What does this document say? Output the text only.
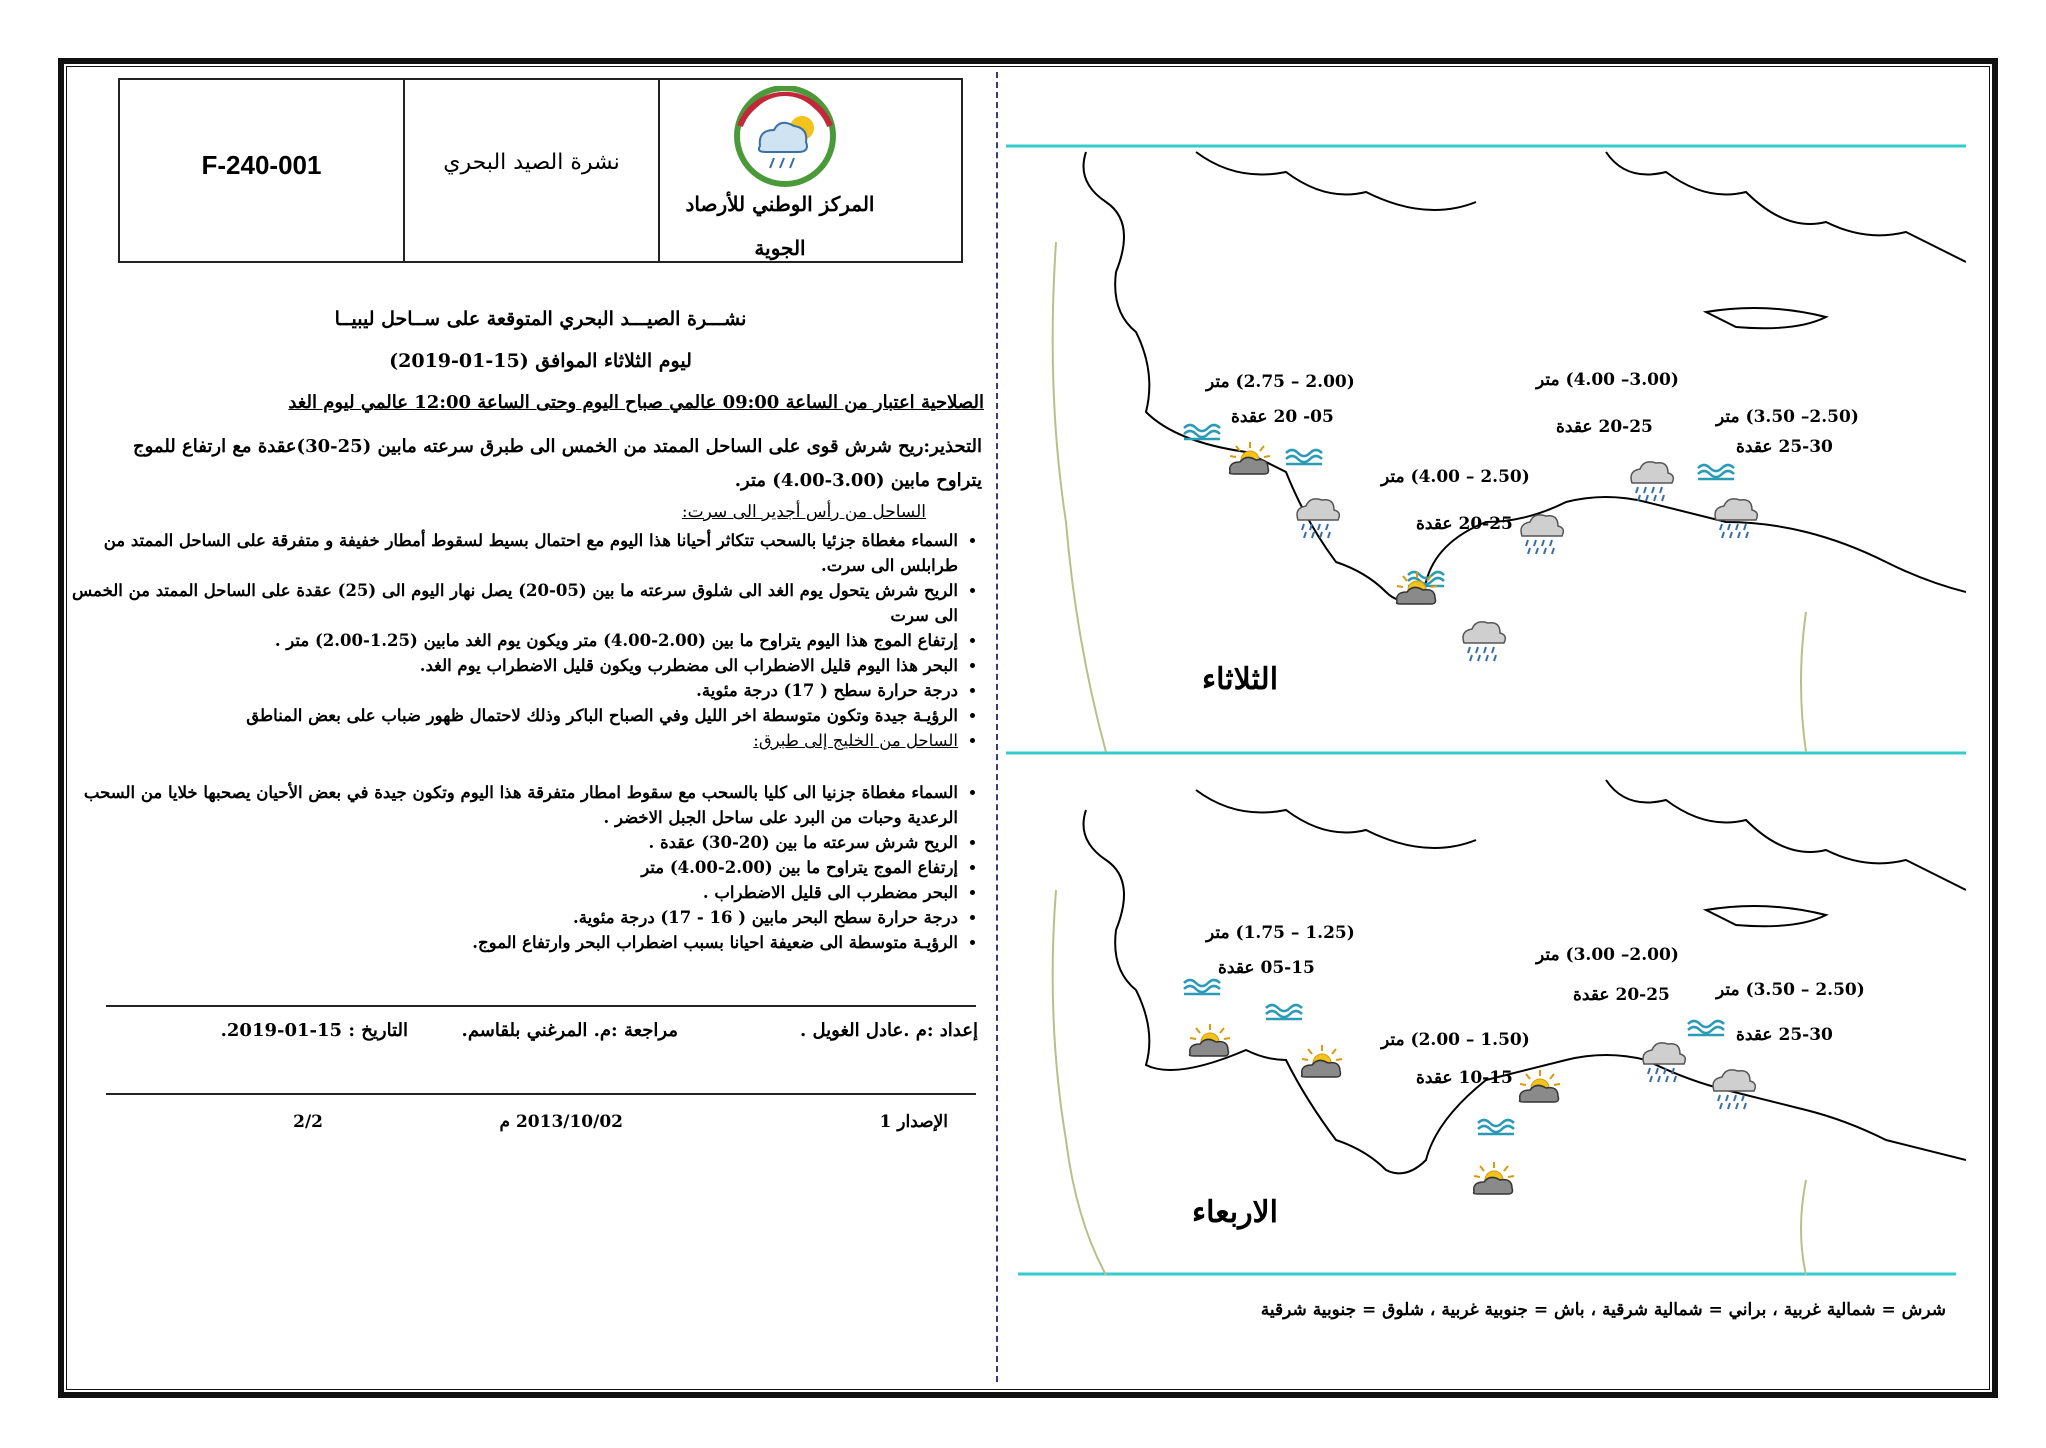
F-240-001	نشرة الصيد البحري
المركز الوطني للأرصاد
الجوية
نشـــرة الصيـــد البحري المتوقعة على ســاحل ليبيــا
ليوم الثلاثاء الموافق (15-01-2019)
الصلاحية اعتبار من الساعة 09:00 عالمي صباح اليوم وحتى الساعة 12:00 عالمي ليوم الغد
التحذير:ريح شرش قوى على الساحل الممتد من الخمس الى طبرق سرعته مابين (25-30)عقدة مع ارتفاع للموج يتراوح مابين (3.00-4.00) متر.
الساحل من رأس أجدير الى سرت:
• السماء مغطاة جزئيا بالسحب تتكاثر أحيانا هذا اليوم مع احتمال بسيط لسقوط أمطار خفيفة و متفرقة على الساحل الممتد من طرابلس الى سرت.
• الريح شرش يتحول يوم الغد الى شلوق سرعته ما بين (05-20) يصل نهار اليوم الى (25) عقدة على الساحل الممتد من الخمس الى سرت
• إرتفاع الموج هذا اليوم يتراوح ما بين (2.00-4.00) متر ويكون يوم الغد مابين (1.25-2.00) متر .
• البحر هذا اليوم قليل الاضطراب الى مضطرب ويكون قليل الاضطراب يوم الغد.
• درجة حرارة سطح ( 17) درجة مئوية.
• الرؤيـة جيدة وتكون متوسطة اخر الليل وفي الصباح الباكر وذلك لاحتمال ظهور ضباب على بعض المناطق
• الساحل من الخليج إلى طبرق:
• السماء مغطاة جزنيا الى كليا بالسحب مع سقوط امطار متفرقة هذا اليوم وتكون جيدة في بعض الأحيان يصحبها خلايا من السحب الرعدية وحبات من البرد على ساحل الجبل الاخضر .
• الريح شرش سرعته ما بين (20-30) عقدة .
• إرتفاع الموج يتراوح ما بين (2.00-4.00) متر
• البحر مضطرب الى قليل الاضطراب .
• درجة حرارة سطح البحر مابين ( 16 - 17) درجة مئوية.
• الرؤيـة متوسطة الى ضعيفة احيانا بسبب اضطراب البحر وارتفاع الموج.
إعداد :م .عادل الغويل .
مراجعة :م. المرغني بلقاسم.
التاريخ : 15-01-2019.
الإصدار 1
2013/10/02 م
2/2
(2.00 – 2.75) متر
05- 20 عقدة
(2.50 – 4.00) متر
20-25 عقدة
(3.00– 4.00) متر
20-25 عقدة	(2.50– 3.50) متر
25-30 عقدة
الثلاثاء
(1.25 – 1.75) متر
05-15 عقدة
(1.50 – 2.00) متر
10-15 عقدة
(2.00– 3.00) متر
20-25 عقدة	(2.50 – 3.50) متر
25-30 عقدة
الاربعاء
شرش = شمالية غربية ، براني = شمالية شرقية ، باش = جنوبية غربية ، شلوق = جنوبية شرقية
